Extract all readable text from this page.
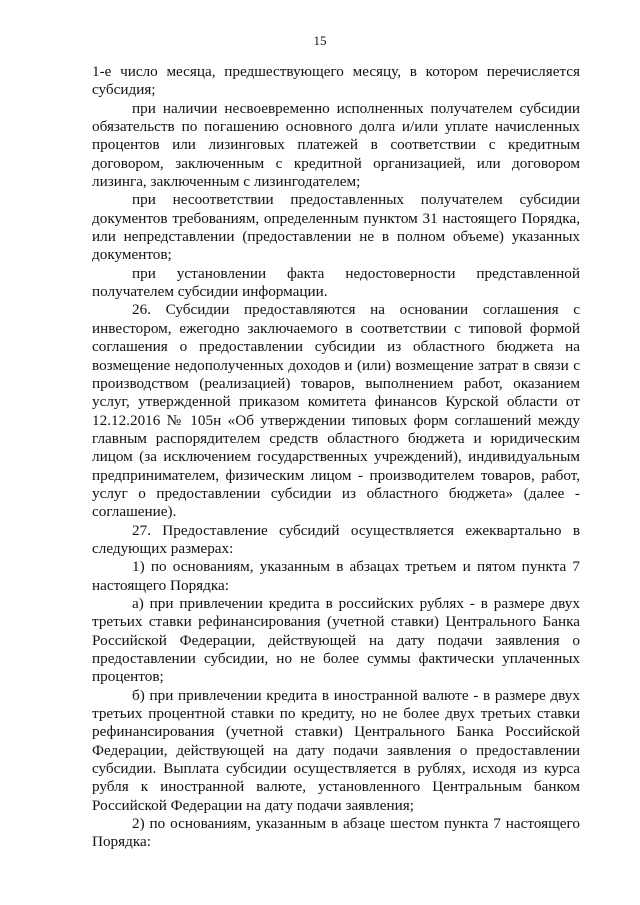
15

1-е число месяца, предшествующего месяцу, в котором перечисляется субсидия;

при наличии несвоевременно исполненных получателем субсидии обязательств по погашению основного долга и/или уплате начисленных процентов или лизинговых платежей в соответствии с кредитным договором, заключенным с кредитной организацией, или договором лизинга, заключенным с лизингодателем;

при несоответствии предоставленных получателем субсидии документов требованиям, определенным пунктом 31 настоящего Порядка, или непредставлении (предоставлении не в полном объеме) указанных документов;

при установлении факта недостоверности представленной получателем субсидии информации.

26. Субсидии предоставляются на основании соглашения с инвестором, ежегодно заключаемого в соответствии с типовой формой соглашения о предоставлении субсидии из областного бюджета на возмещение недополученных доходов и (или) возмещение затрат в связи с производством (реализацией) товаров, выполнением работ, оказанием услуг, утвержденной приказом комитета финансов Курской области от 12.12.2016 № 105н «Об утверждении типовых форм соглашений между главным распорядителем средств областного бюджета и юридическим лицом (за исключением государственных учреждений), индивидуальным предпринимателем, физическим лицом - производителем товаров, работ, услуг о предоставлении субсидии из областного бюджета» (далее - соглашение).

27. Предоставление субсидий осуществляется ежеквартально в следующих размерах:

1) по основаниям, указанным в абзацах третьем и пятом пункта 7 настоящего Порядка:

а) при привлечении кредита в российских рублях - в размере двух третьих ставки рефинансирования (учетной ставки) Центрального Банка Российской Федерации, действующей на дату подачи заявления о предоставлении субсидии, но не более суммы фактически уплаченных процентов;

б) при привлечении кредита в иностранной валюте - в размере двух третьих процентной ставки по кредиту, но не более двух третьих ставки рефинансирования (учетной ставки) Центрального Банка Российской Федерации, действующей на дату подачи заявления о предоставлении субсидии. Выплата субсидии осуществляется в рублях, исходя из курса рубля к иностранной валюте, установленного Центральным банком Российской Федерации на дату подачи заявления;

2) по основаниям, указанным в абзаце шестом пункта 7 настоящего Порядка:
